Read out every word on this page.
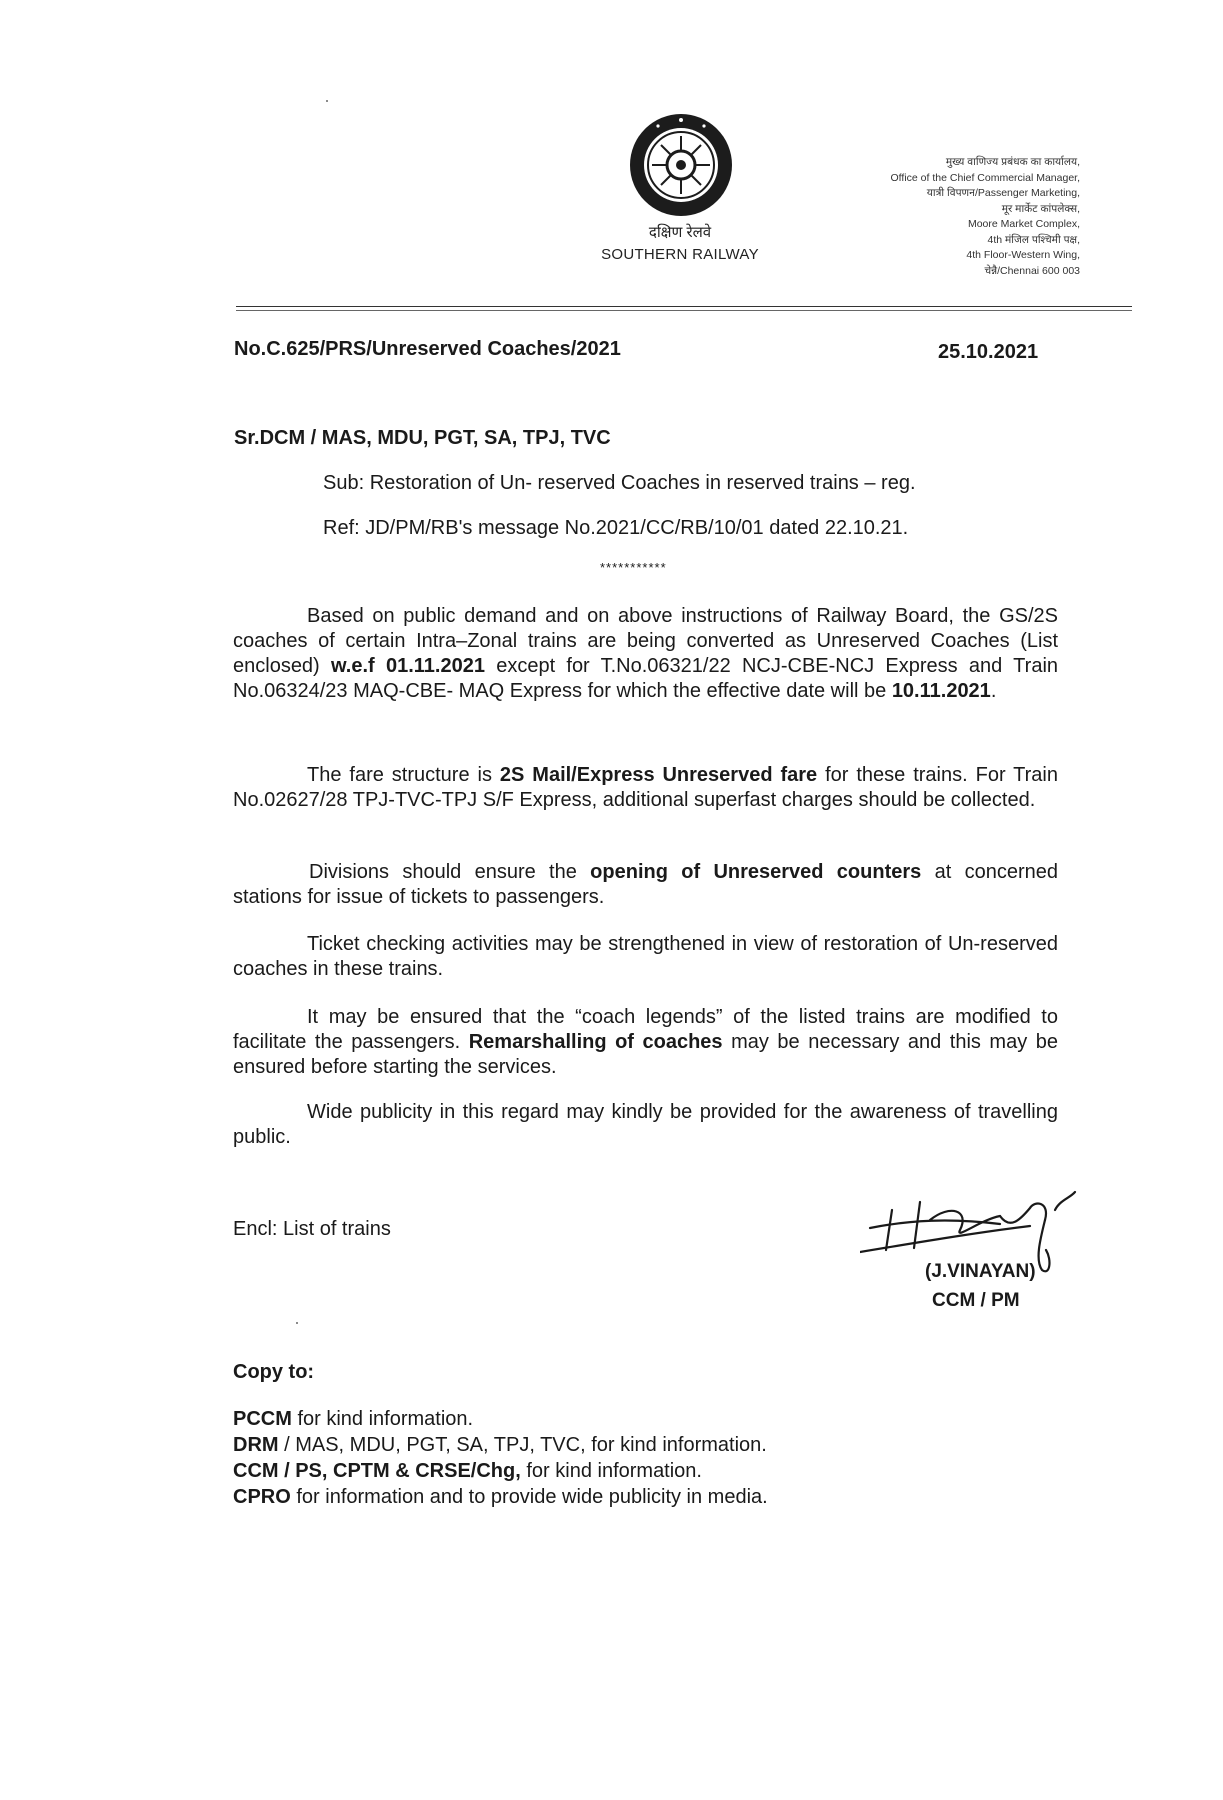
दक्षिण रेलवे
SOUTHERN RAILWAY
मुख्य वाणिज्य प्रबंधक का कार्यालय,
Office of the Chief Commercial Manager,
यात्री विपणन/Passenger Marketing,
मूर मार्केट कांपलेक्स,
Moore Market Complex,
4th मंजिल पश्चिमी पक्ष,
4th Floor-Western Wing,
चेन्नै/Chennai 600 003
No.C.625/PRS/Unreserved Coaches/2021	25.10.2021
Sr.DCM / MAS, MDU, PGT, SA, TPJ, TVC
Sub: Restoration of Un- reserved Coaches in reserved trains – reg.
Ref: JD/PM/RB's message No.2021/CC/RB/10/01 dated 22.10.21.
***********
Based on public demand and on above instructions of Railway Board, the GS/2S coaches of certain Intra–Zonal trains are being converted as Unreserved Coaches (List enclosed) w.e.f 01.11.2021 except for T.No.06321/22 NCJ-CBE-NCJ Express and Train No.06324/23 MAQ-CBE- MAQ Express for which the effective date will be 10.11.2021.
The fare structure is 2S Mail/Express Unreserved fare for these trains. For Train No.02627/28 TPJ-TVC-TPJ S/F Express, additional superfast charges should be collected.
Divisions should ensure the opening of Unreserved counters at concerned stations for issue of tickets to passengers.
Ticket checking activities may be strengthened in view of restoration of Un-reserved coaches in these trains.
It may be ensured that the “coach legends” of the listed trains are modified to facilitate the passengers. Remarshalling of coaches may be necessary and this may be ensured before starting the services.
Wide publicity in this regard may kindly be provided for the awareness of travelling public.
Encl: List of trains
(J.VINAYAN)
CCM / PM
Copy to:
PCCM for kind information.
DRM / MAS, MDU, PGT, SA, TPJ, TVC, for kind information.
CCM / PS, CPTM & CRSE/Chg, for kind information.
CPRO for information and to provide wide publicity in media.
